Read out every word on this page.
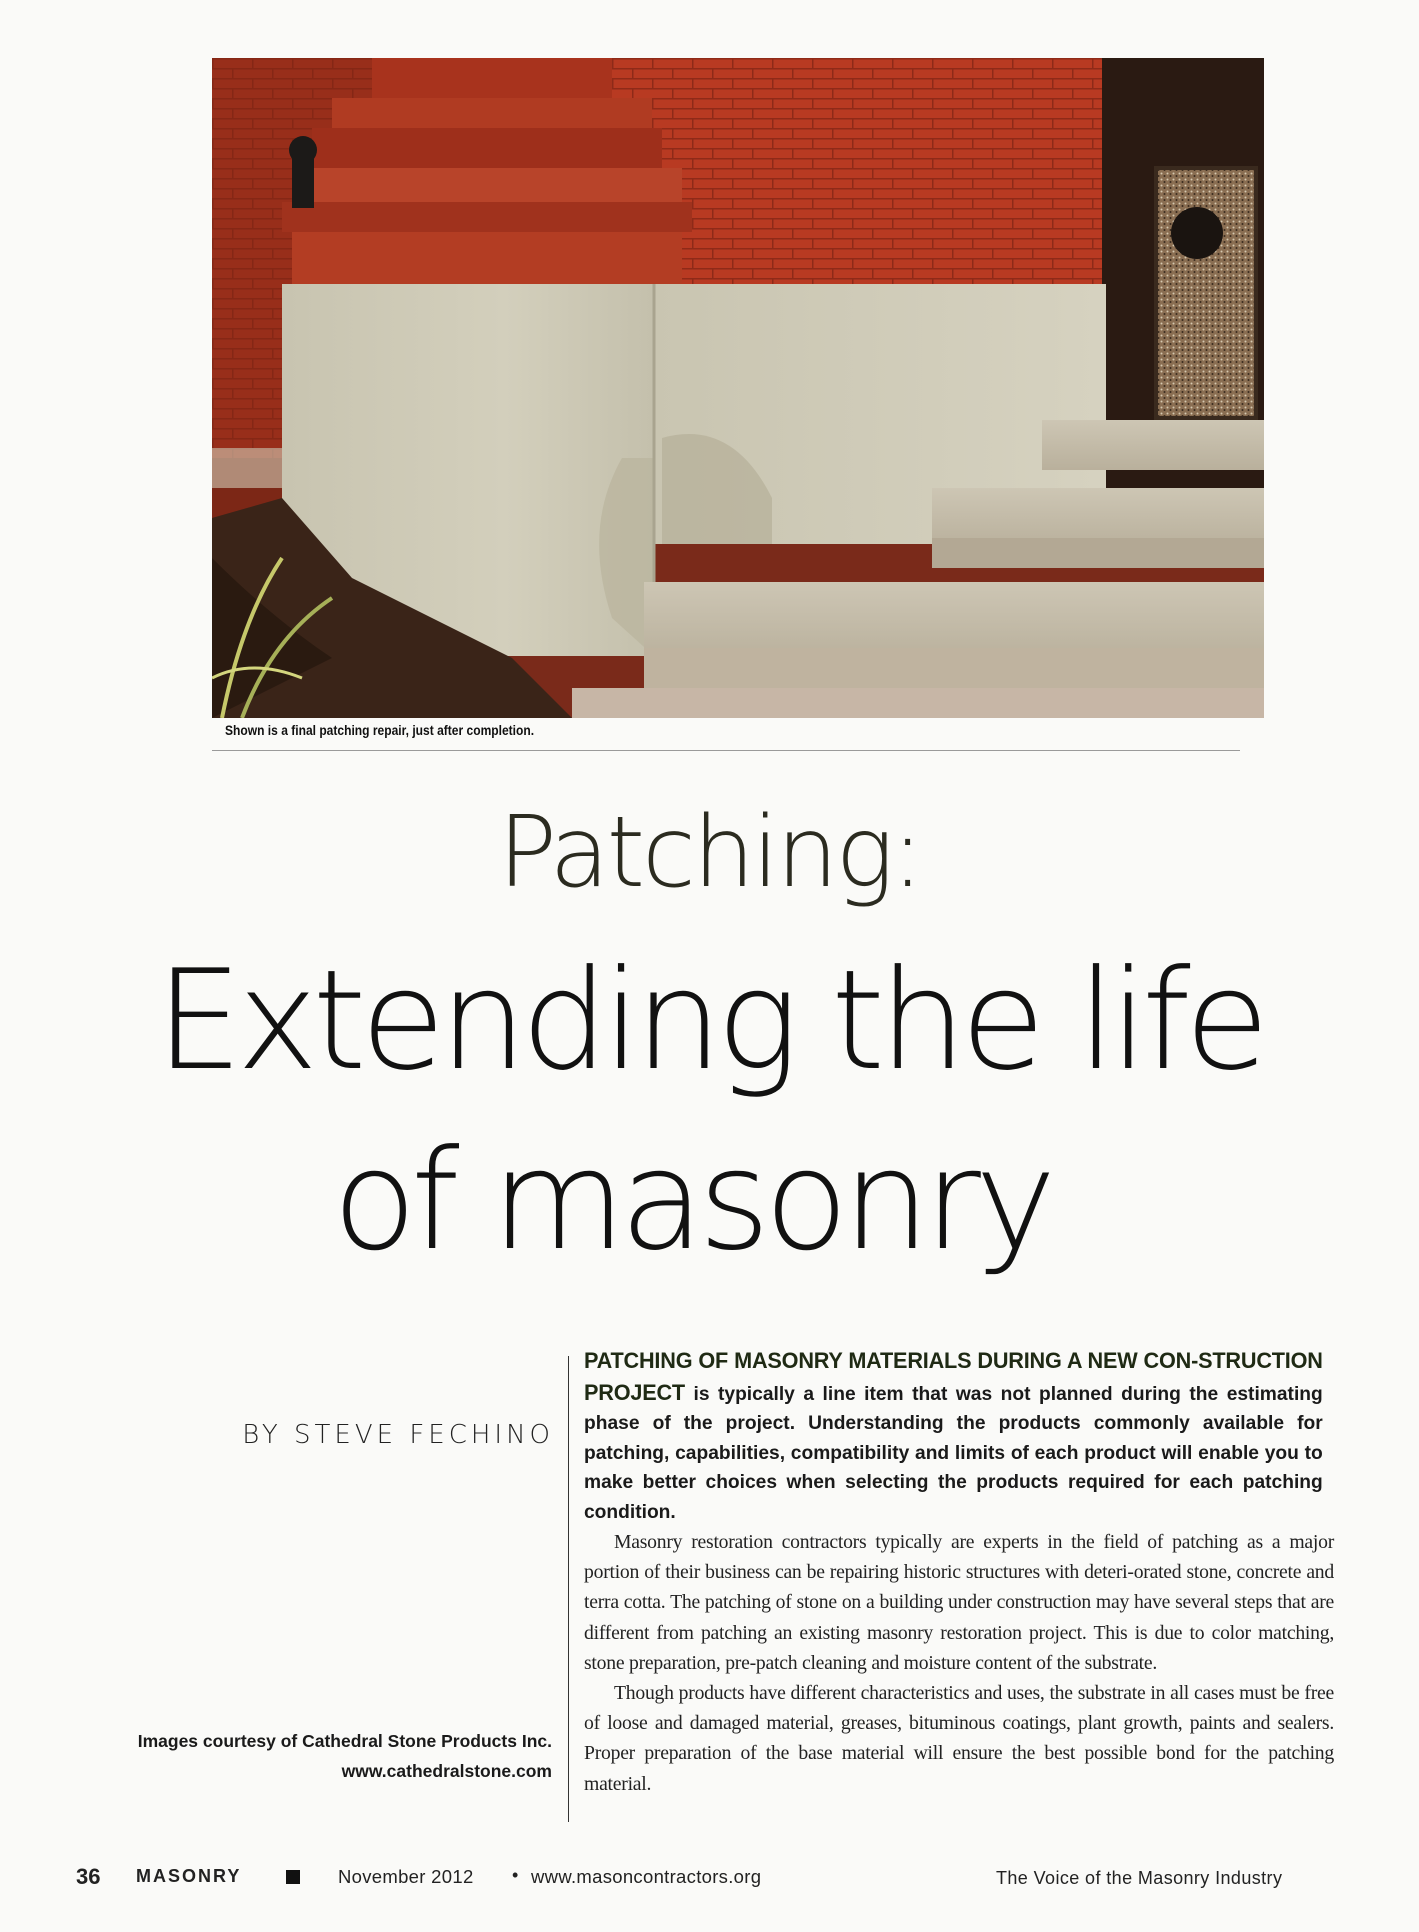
Shown is a final patching repair, just after completion.
Patching:
Extending the life
of masonry
BY STEVE FECHINO
Images courtesy of Cathedral Stone Products Inc.
www.cathedralstone.com

PATCHING OF MASONRY MATERIALS DURING A NEW CON-STRUCTION PROJECT is typically a line item that was not planned during the estimating phase of the project. Understanding the products commonly available for patching, capabilities, compatibility and limits of each product will enable you to make better choices when selecting the products required for each patching condition.

Masonry restoration contractors typically are experts in the field of patching as a major portion of their business can be repairing historic structures with deteri-orated stone, concrete and terra cotta. The patching of stone on a building under construction may have several steps that are different from patching an existing masonry restoration project. This is due to color matching, stone preparation, pre-patch cleaning and moisture content of the substrate.

Though products have different characteristics and uses, the substrate in all cases must be free of loose and damaged material, greases, bituminous coatings, plant growth, paints and sealers. Proper preparation of the base material will ensure the best possible bond for the patching material.

36 MASONRY	November 2012 • www.masoncontractors.org	The Voice of the Masonry Industry
